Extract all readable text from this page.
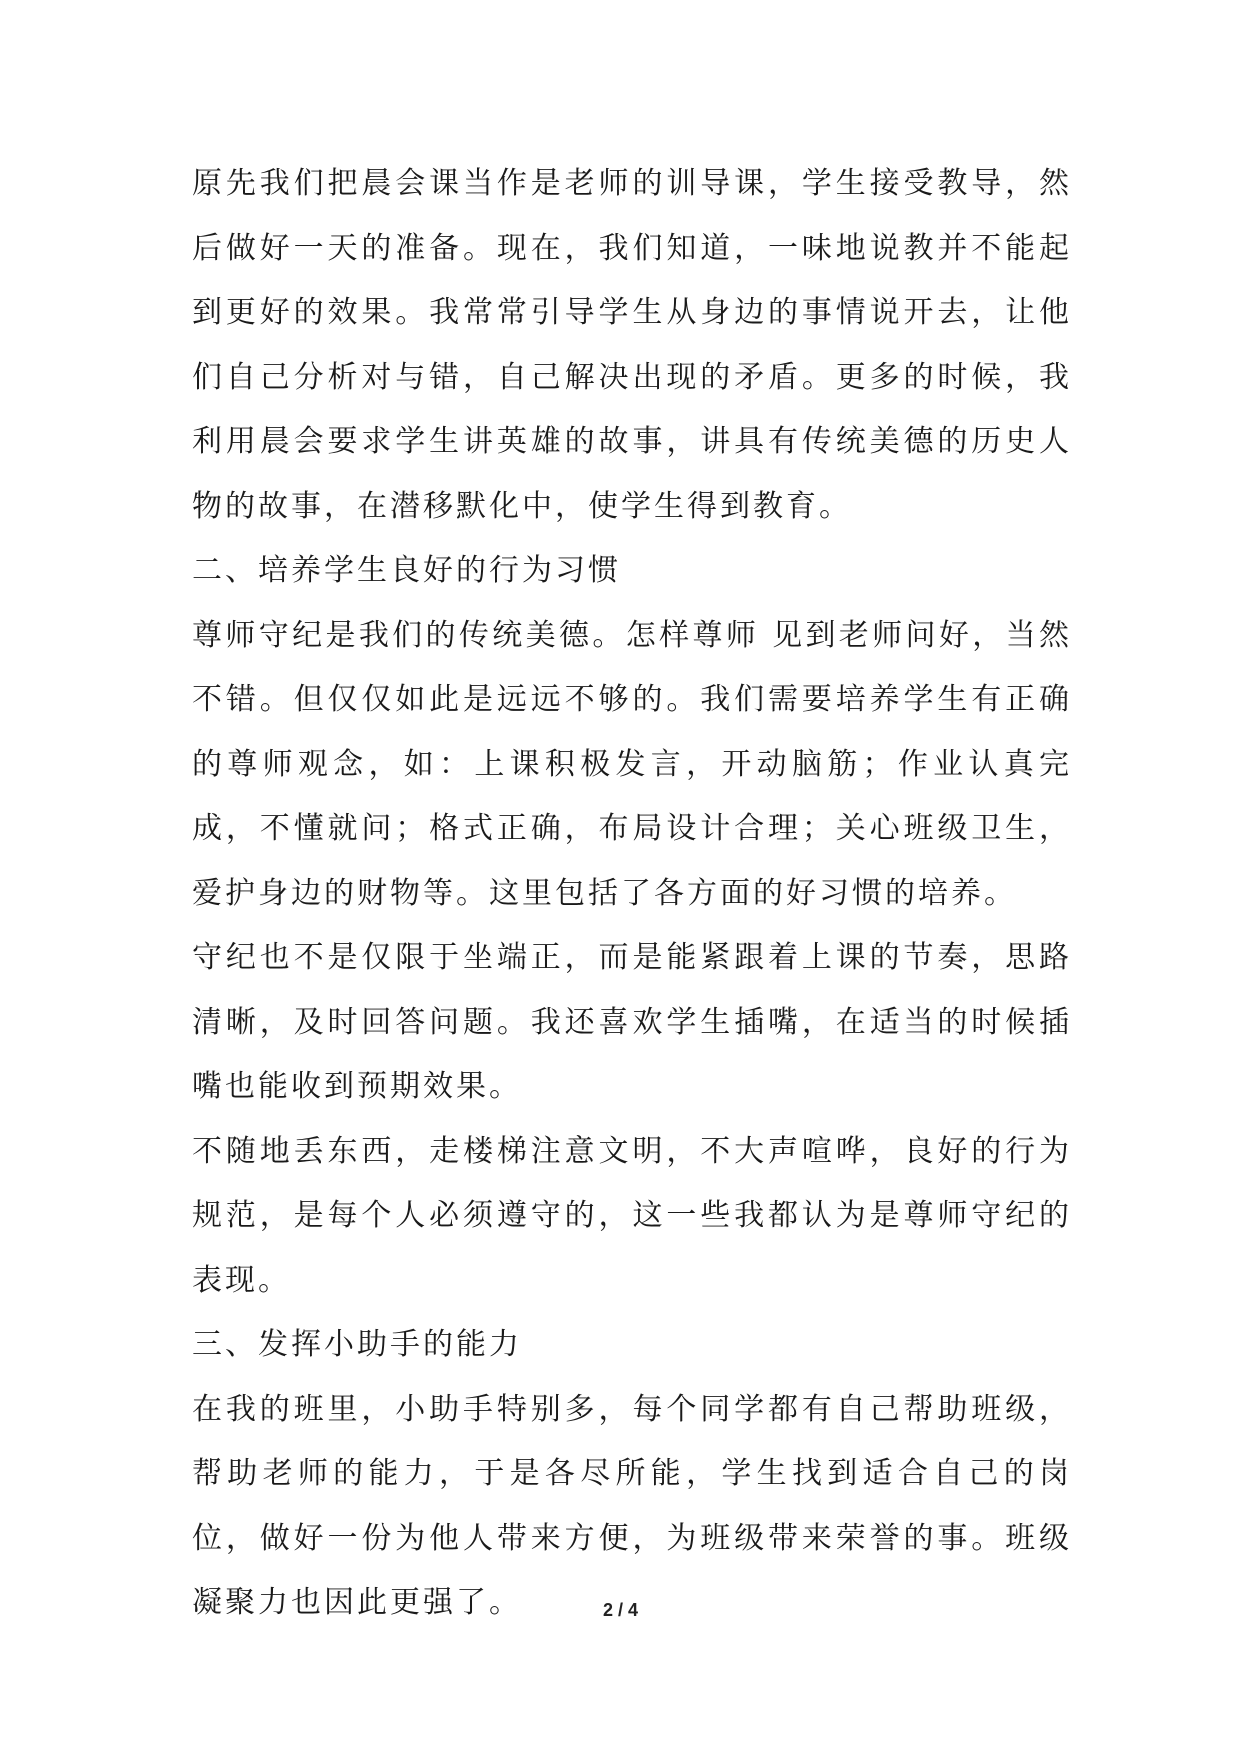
原先我们把晨会课当作是老师的训导课，学生接受教导，然后做好一天的准备。现在，我们知道，一味地说教并不能起到更好的效果。我常常引导学生从身边的事情说开去，让他们自己分析对与错，自己解决出现的矛盾。更多的时候，我利用晨会要求学生讲英雄的故事，讲具有传统美德的历史人物的故事，在潜移默化中，使学生得到教育。

二、培养学生良好的行为习惯

尊师守纪是我们的传统美德。怎样尊师 见到老师问好，当然不错。但仅仅如此是远远不够的。我们需要培养学生有正确的尊师观念，如：上课积极发言，开动脑筋；作业认真完成，不懂就问；格式正确，布局设计合理；关心班级卫生，爱护身边的财物等。这里包括了各方面的好习惯的培养。

守纪也不是仅限于坐端正，而是能紧跟着上课的节奏，思路清晰，及时回答问题。我还喜欢学生插嘴，在适当的时候插嘴也能收到预期效果。

不随地丢东西，走楼梯注意文明，不大声喧哗，良好的行为规范，是每个人必须遵守的，这一些我都认为是尊师守纪的表现。

三、发挥小助手的能力

在我的班里，小助手特别多，每个同学都有自己帮助班级，帮助老师的能力，于是各尽所能，学生找到适合自己的岗位，做好一份为他人带来方便，为班级带来荣誉的事。班级凝聚力也因此更强了。	2 / 4
